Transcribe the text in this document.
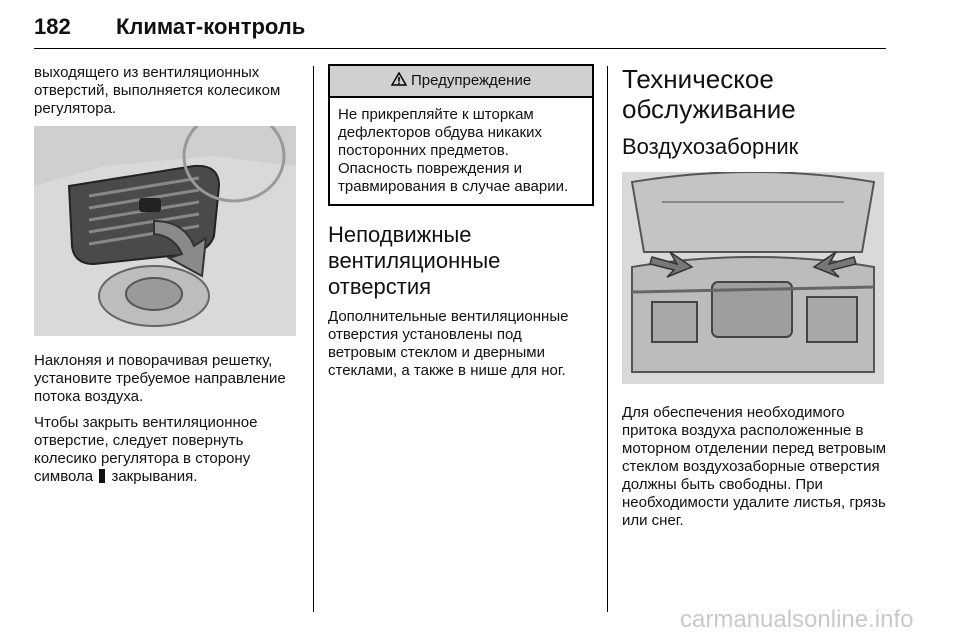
182 Климат-контроль

выходящего из вентиляционных отверстий, выполняется колесиком регулятора.

Наклоняя и поворачивая решетку, установите требуемое направление потока воздуха.

Чтобы закрыть вентиляционное отверстие, следует повернуть колесико регулятора в сторону символа закрывания.

Предупреждение
Не прикрепляйте к шторкам дефлекторов обдува никаких посторонних предметов. Опасность повреждения и травмирования в случае аварии.
Неподвижные вентиляционные отверстия

Дополнительные вентиляционные отверстия установлены под ветровым стеклом и дверными стеклами, а также в нише для ног.

Техническое обслуживание
Воздухозаборник

Для обеспечения необходимого притока воздуха расположенные в моторном отделении перед ветровым стеклом воздухозаборные отверстия должны быть свободны. При необходимости удалите листья, грязь или снег.

carmanualsonline.info
